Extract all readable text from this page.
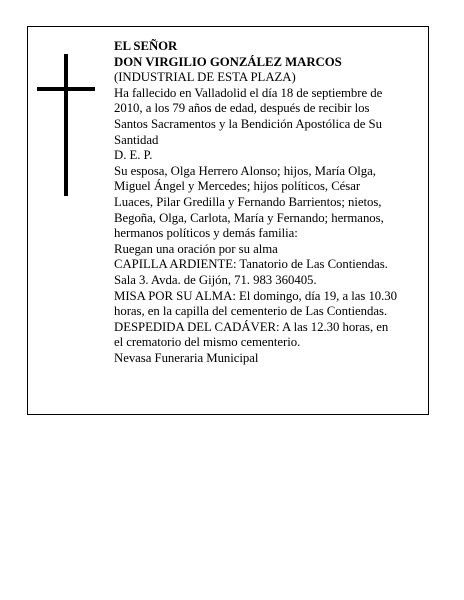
EL SEÑOR
DON VIRGILIO GONZÁLEZ MARCOS
(INDUSTRIAL DE ESTA PLAZA)
Ha fallecido en Valladolid el día 18 de septiembre de
2010, a los 79 años de edad, después de recibir los
Santos Sacramentos y la Bendición Apostólica de Su
Santidad
D. E. P.
Su esposa, Olga Herrero Alonso; hijos, María Olga,
Miguel Ángel y Mercedes; hijos políticos, César
Luaces, Pilar Gredilla y Fernando Barrientos; nietos,
Begoña, Olga, Carlota, María y Fernando; hermanos,
hermanos políticos y demás familia:
Ruegan una oración por su alma
CAPILLA ARDIENTE: Tanatorio de Las Contiendas.
Sala 3. Avda. de Gijón, 71. 983 360405.
MISA POR SU ALMA: El domingo, día 19, a las 10.30
horas, en la capilla del cementerio de Las Contiendas.
DESPEDIDA DEL CADÁVER: A las 12.30 horas, en
el crematorio del mismo cementerio.
Nevasa Funeraria Municipal
